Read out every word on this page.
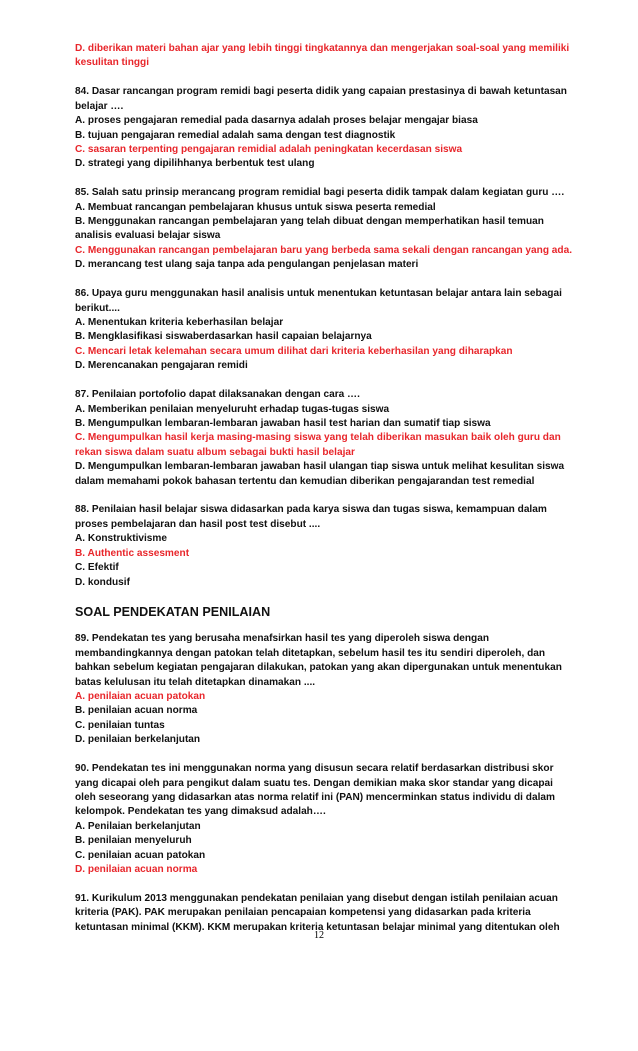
D. diberikan materi bahan ajar yang lebih tinggi tingkatannya dan mengerjakan soal-soal yang memiliki kesulitan tinggi

84. Dasar rancangan program remidi bagi peserta didik yang capaian prestasinya di bawah ketuntasan belajar ….

A. proses pengajaran remedial pada dasarnya adalah proses belajar mengajar biasa
B. tujuan pengajaran remedial adalah sama dengan test diagnostik
C. sasaran terpenting pengajaran remidial adalah peningkatan kecerdasan siswa
D. strategi yang dipilihhanya berbentuk test ulang

85. Salah satu prinsip merancang program remidial bagi peserta didik tampak dalam kegiatan guru ….

A. Membuat rancangan pembelajaran khusus untuk siswa peserta remedial
B. Menggunakan rancangan pembelajaran yang telah dibuat dengan memperhatikan hasil temuan analisis evaluasi belajar siswa
C. Menggunakan rancangan pembelajaran baru yang berbeda sama sekali dengan rancangan yang ada.
D. merancang test ulang saja tanpa ada pengulangan penjelasan materi

86. Upaya guru menggunakan hasil analisis untuk menentukan ketuntasan belajar antara lain sebagai berikut....

A. Menentukan kriteria keberhasilan belajar
B. Mengklasifikasi siswaberdasarkan hasil capaian belajarnya
C. Mencari letak kelemahan secara umum dilihat dari kriteria keberhasilan yang diharapkan
D. Merencanakan pengajaran remidi

87. Penilaian portofolio dapat dilaksanakan dengan cara ….

A. Memberikan penilaian menyeluruht erhadap tugas-tugas siswa
B. Mengumpulkan lembaran-lembaran jawaban hasil test harian dan sumatif tiap siswa
C. Mengumpulkan hasil kerja masing-masing siswa yang telah diberikan masukan baik oleh guru dan rekan siswa dalam suatu album sebagai bukti hasil belajar
D. Mengumpulkan lembaran-lembaran jawaban hasil ulangan tiap siswa untuk melihat kesulitan siswa dalam memahami pokok bahasan tertentu dan kemudian diberikan pengajarandan test remedial

88. Penilaian hasil belajar siswa didasarkan pada karya siswa dan tugas siswa, kemampuan dalam proses pembelajaran dan hasil post test disebut ....

A. Konstruktivisme
B. Authentic assesment
C. Efektif
D. kondusif
SOAL PENDEKATAN PENILAIAN

89. Pendekatan tes yang berusaha menafsirkan hasil tes yang diperoleh siswa dengan membandingkannya dengan patokan telah ditetapkan, sebelum hasil tes itu sendiri diperoleh, dan bahkan sebelum kegiatan pengajaran dilakukan, patokan yang akan dipergunakan untuk menentukan batas kelulusan itu telah ditetapkan dinamakan ....

A. penilaian acuan patokan
B. penilaian acuan norma
C. penilaian tuntas
D. penilaian berkelanjutan

90. Pendekatan tes ini menggunakan norma yang disusun secara relatif berdasarkan distribusi skor yang dicapai oleh para pengikut dalam suatu tes. Dengan demikian maka skor standar yang dicapai oleh seseorang yang didasarkan atas norma relatif ini (PAN) mencerminkan status individu di dalam kelompok. Pendekatan tes yang dimaksud adalah….

A. Penilaian berkelanjutan
B. penilaian menyeluruh
C. penilaian acuan patokan
D. penilaian acuan norma

91. Kurikulum 2013 menggunakan pendekatan penilaian yang disebut dengan istilah penilaian acuan kriteria (PAK). PAK merupakan penilaian pencapaian kompetensi yang didasarkan pada kriteria ketuntasan minimal (KKM). KKM merupakan kriteria ketuntasan belajar minimal yang ditentukan oleh

12
